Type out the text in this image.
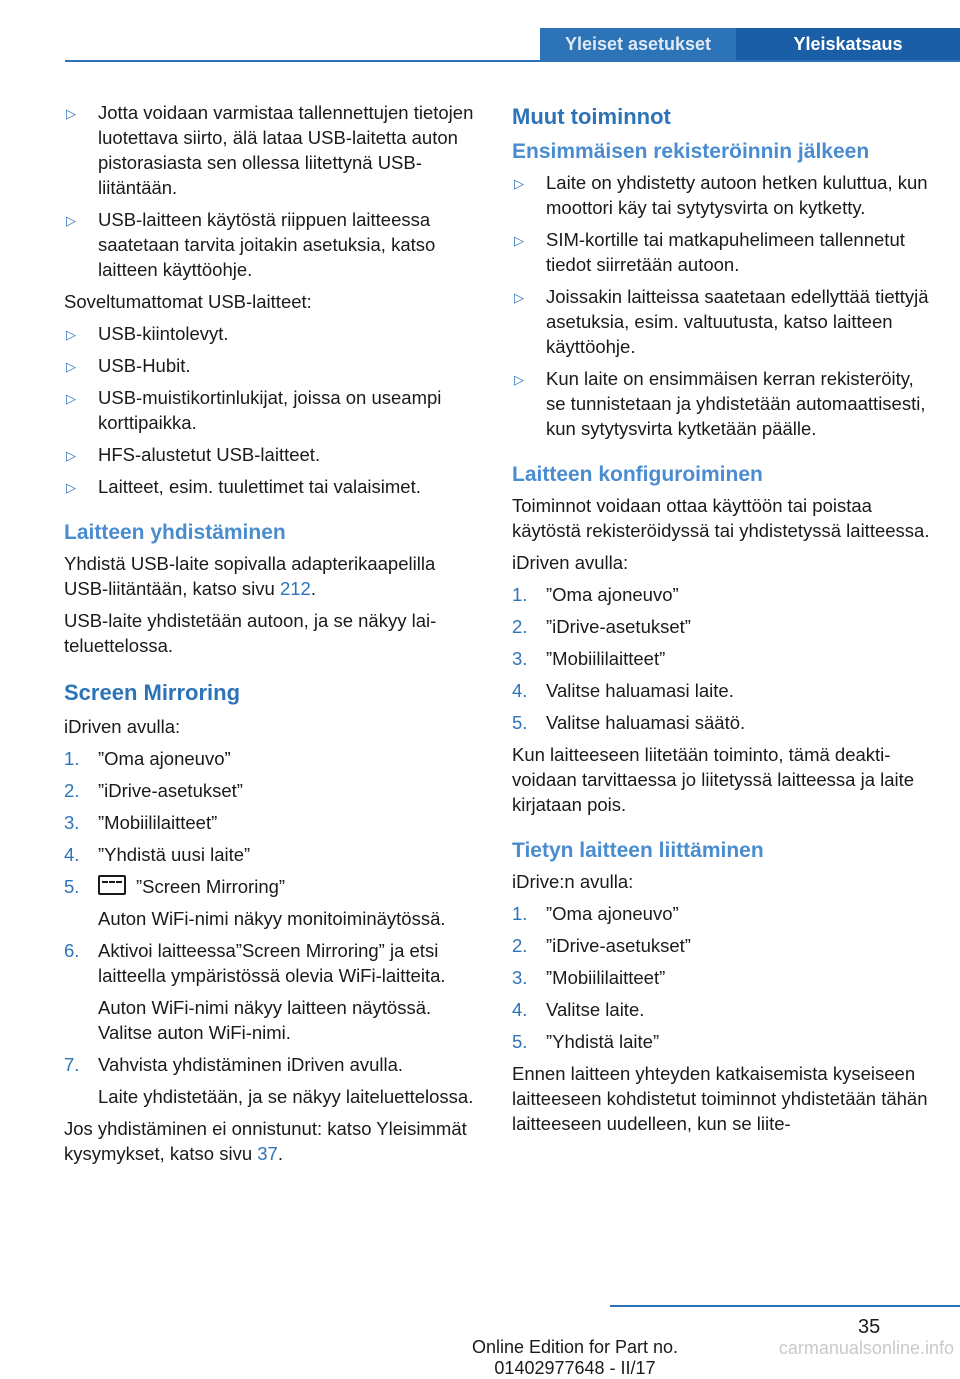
Yleiset asetukset	Yleiskatsaus
▷ Jotta voidaan varmistaa tallennettujen tietojen luotettava siirto, älä lataa USB-laitetta auton pistorasiasta sen ollessa liitettynä USB-liitäntään.
▷ USB-laitteen käytöstä riippuen laitteessa saatetaan tarvita joitakin asetuksia, katso laitteen käyttöohje.

Soveltumattomat USB-laitteet:

▷ USB-kiintolevyt.
▷ USB-Hubit.
▷ USB-muistikortinlukijat, joissa on useampi korttipaikka.
▷ HFS-alustetut USB-laitteet.
▷ Laitteet, esim. tuulettimet tai valaisimet.
Laitteen yhdistäminen

Yhdistä USB-laite sopivalla adapterikaapelilla USB-liitäntään, katso sivu 212.

USB-laite yhdistetään autoon, ja se näkyy laiteluettelossa.

Screen Mirroring

iDriven avulla:

1. ”Oma ajoneuvo”
2. ”iDrive-asetukset”
3. ”Mobiililaitteet”
4. ”Yhdistä uusi laite”
5.	”Screen Mirroring”

Auton WiFi-nimi näkyy monitoiminäytössä.

6. Aktivoi laitteessa”Screen Mirroring” ja etsi laitteella ympäristössä olevia WiFi-laitteita.

Auton WiFi-nimi näkyy laitteen näytössä. Valitse auton WiFi-nimi.

7. Vahvista yhdistäminen iDriven avulla.

Laite yhdistetään, ja se näkyy laiteluettelossa.

Jos yhdistäminen ei onnistunut: katso Yleisimmät kysymykset, katso sivu 37.

Muut toiminnot
Ensimmäisen rekisteröinnin jälkeen
▷ Laite on yhdistetty autoon hetken kuluttua, kun moottori käy tai sytytysvirta on kytketty.
▷ SIM-kortille tai matkapuhelimeen tallennetut tiedot siirretään autoon.
▷ Joissakin laitteissa saatetaan edellyttää tiettyjä asetuksia, esim. valtuutusta, katso laitteen käyttöohje.
▷ Kun laite on ensimmäisen kerran rekisteröity, se tunnistetaan ja yhdistetään automaattisesti, kun sytytysvirta kytketään päälle.
Laitteen konfiguroiminen

Toiminnot voidaan ottaa käyttöön tai poistaa käytöstä rekisteröidyssä tai yhdistetyssä laitteessa.

iDriven avulla:

1. ”Oma ajoneuvo”
2. ”iDrive-asetukset”
3. ”Mobiililaitteet”
4. Valitse haluamasi laite.
5. Valitse haluamasi säätö.

Kun laitteeseen liitetään toiminto, tämä deaktivoidaan tarvittaessa jo liitetyssä laitteessa ja laite kirjataan pois.

Tietyn laitteen liittäminen

iDrive:n avulla:

1. ”Oma ajoneuvo”
2. ”iDrive-asetukset”
3. ”Mobiililaitteet”
4. Valitse laite.
5. ”Yhdistä laite”

Ennen laitteen yhteyden katkaisemista kyseiseen laitteeseen kohdistetut toiminnot yhdistetään tähän laitteeseen uudelleen, kun se liite-

35
Online Edition for Part no. 01402977648 - II/17
carmanualsonline.info
